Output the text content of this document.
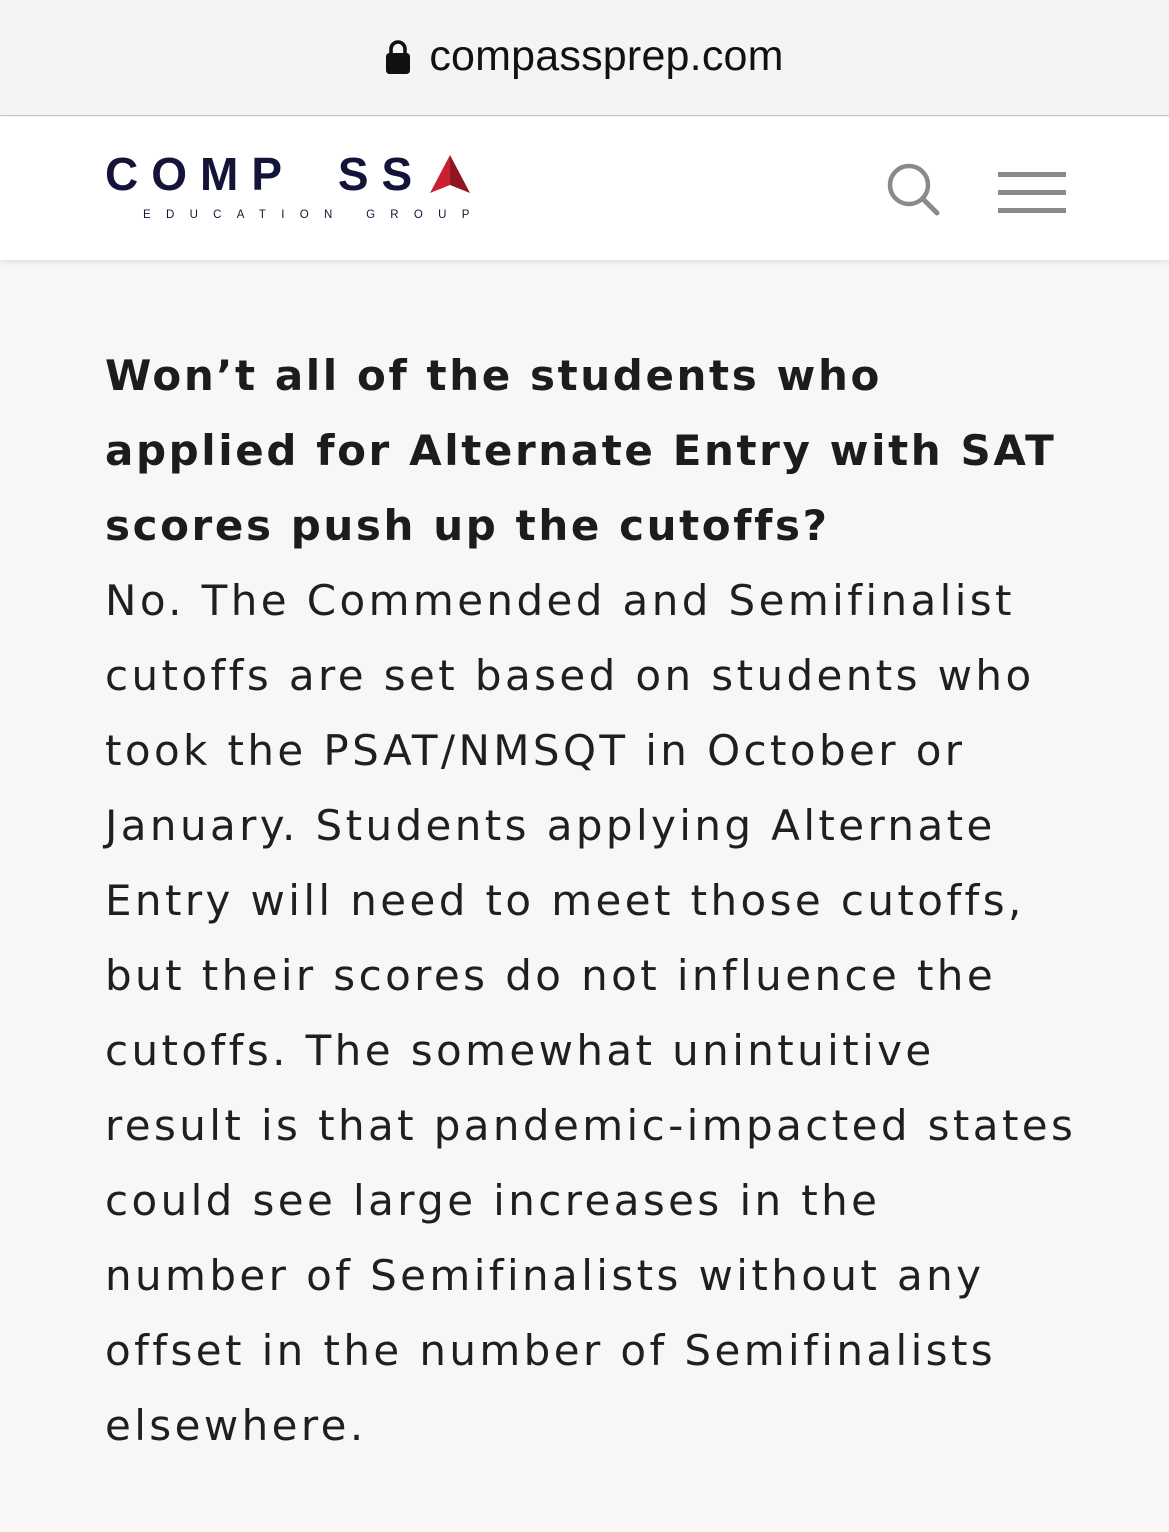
compassprep.com
COMP SS
EDUCATION GROUP
Won’t all of the students who applied for Alternate Entry with SAT scores push up the cutoffs?

No. The Commended and Semifinalist cutoffs are set based on students who took the PSAT/NMSQT in October or January. Students applying Alternate Entry will need to meet those cutoffs, but their scores do not influence the cutoffs. The somewhat unintuitive result is that pandemic-impacted states could see large increases in the number of Semifinalists without any offset in the number of Semifinalists elsewhere.
